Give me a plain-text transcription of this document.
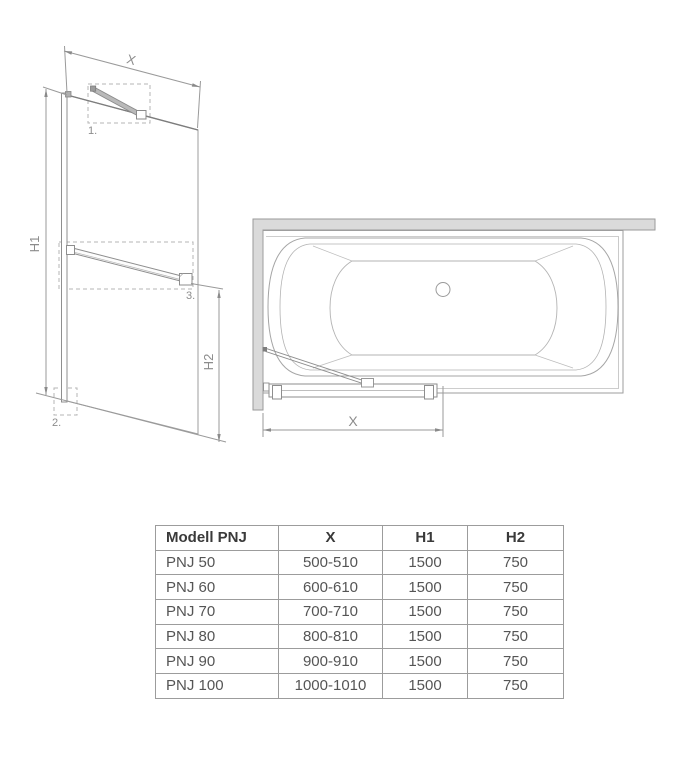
X
H1
H2
1.
2.
3.
X
Modell PNJ	X	H1	H2
PNJ 50	500-510	1500	750
PNJ 60	600-610	1500	750
PNJ 70	700-710	1500	750
PNJ 80	800-810	1500	750
PNJ 90	900-910	1500	750
PNJ 100	1000-1010	1500	750
